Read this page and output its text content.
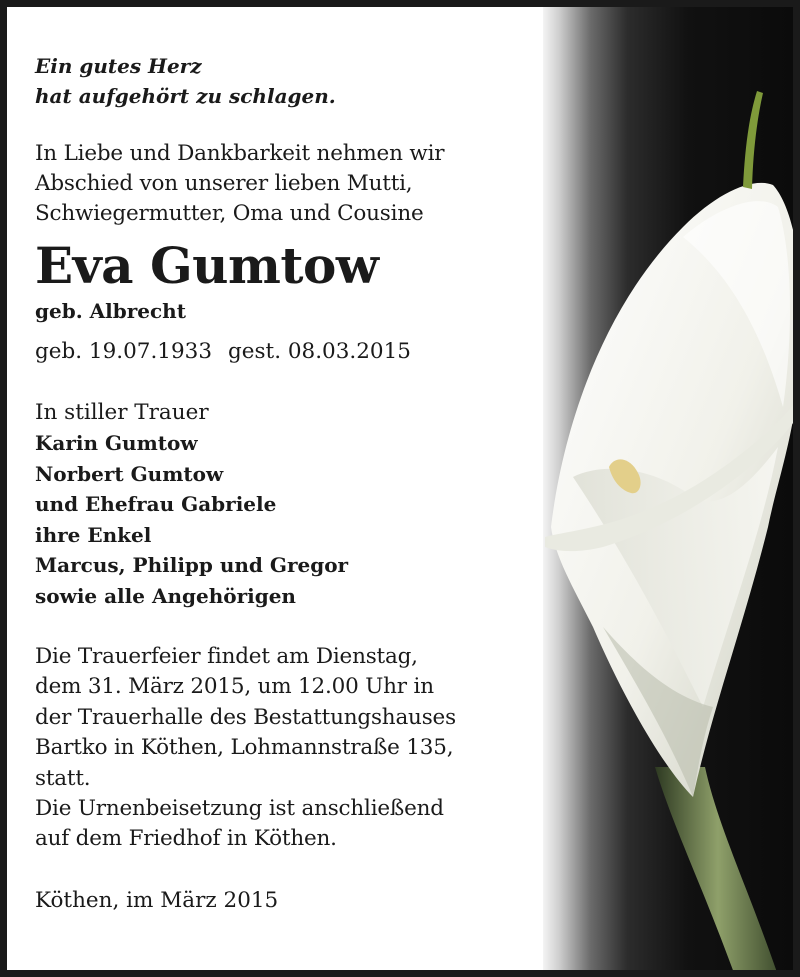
Ein gutes Herz
hat aufgehört zu schlagen.

In Liebe und Dankbarkeit nehmen wir
Abschied von unserer lieben Mutti,
Schwiegermutter, Oma und Cousine

Eva Gumtow

geb. Albrecht

geb. 19.07.1933 gest. 08.03.2015

In stiller Trauer

Karin Gumtow
Norbert Gumtow
und Ehefrau Gabriele
ihre Enkel
Marcus, Philipp und Gregor
sowie alle Angehörigen

Die Trauerfeier findet am Dienstag,
dem 31. März 2015, um 12.00 Uhr in
der Trauerhalle des Bestattungshauses
Bartko in Köthen, Lohmannstraße 135,
statt.
Die Urnenbeisetzung ist anschließend
auf dem Friedhof in Köthen.

Köthen, im März 2015
